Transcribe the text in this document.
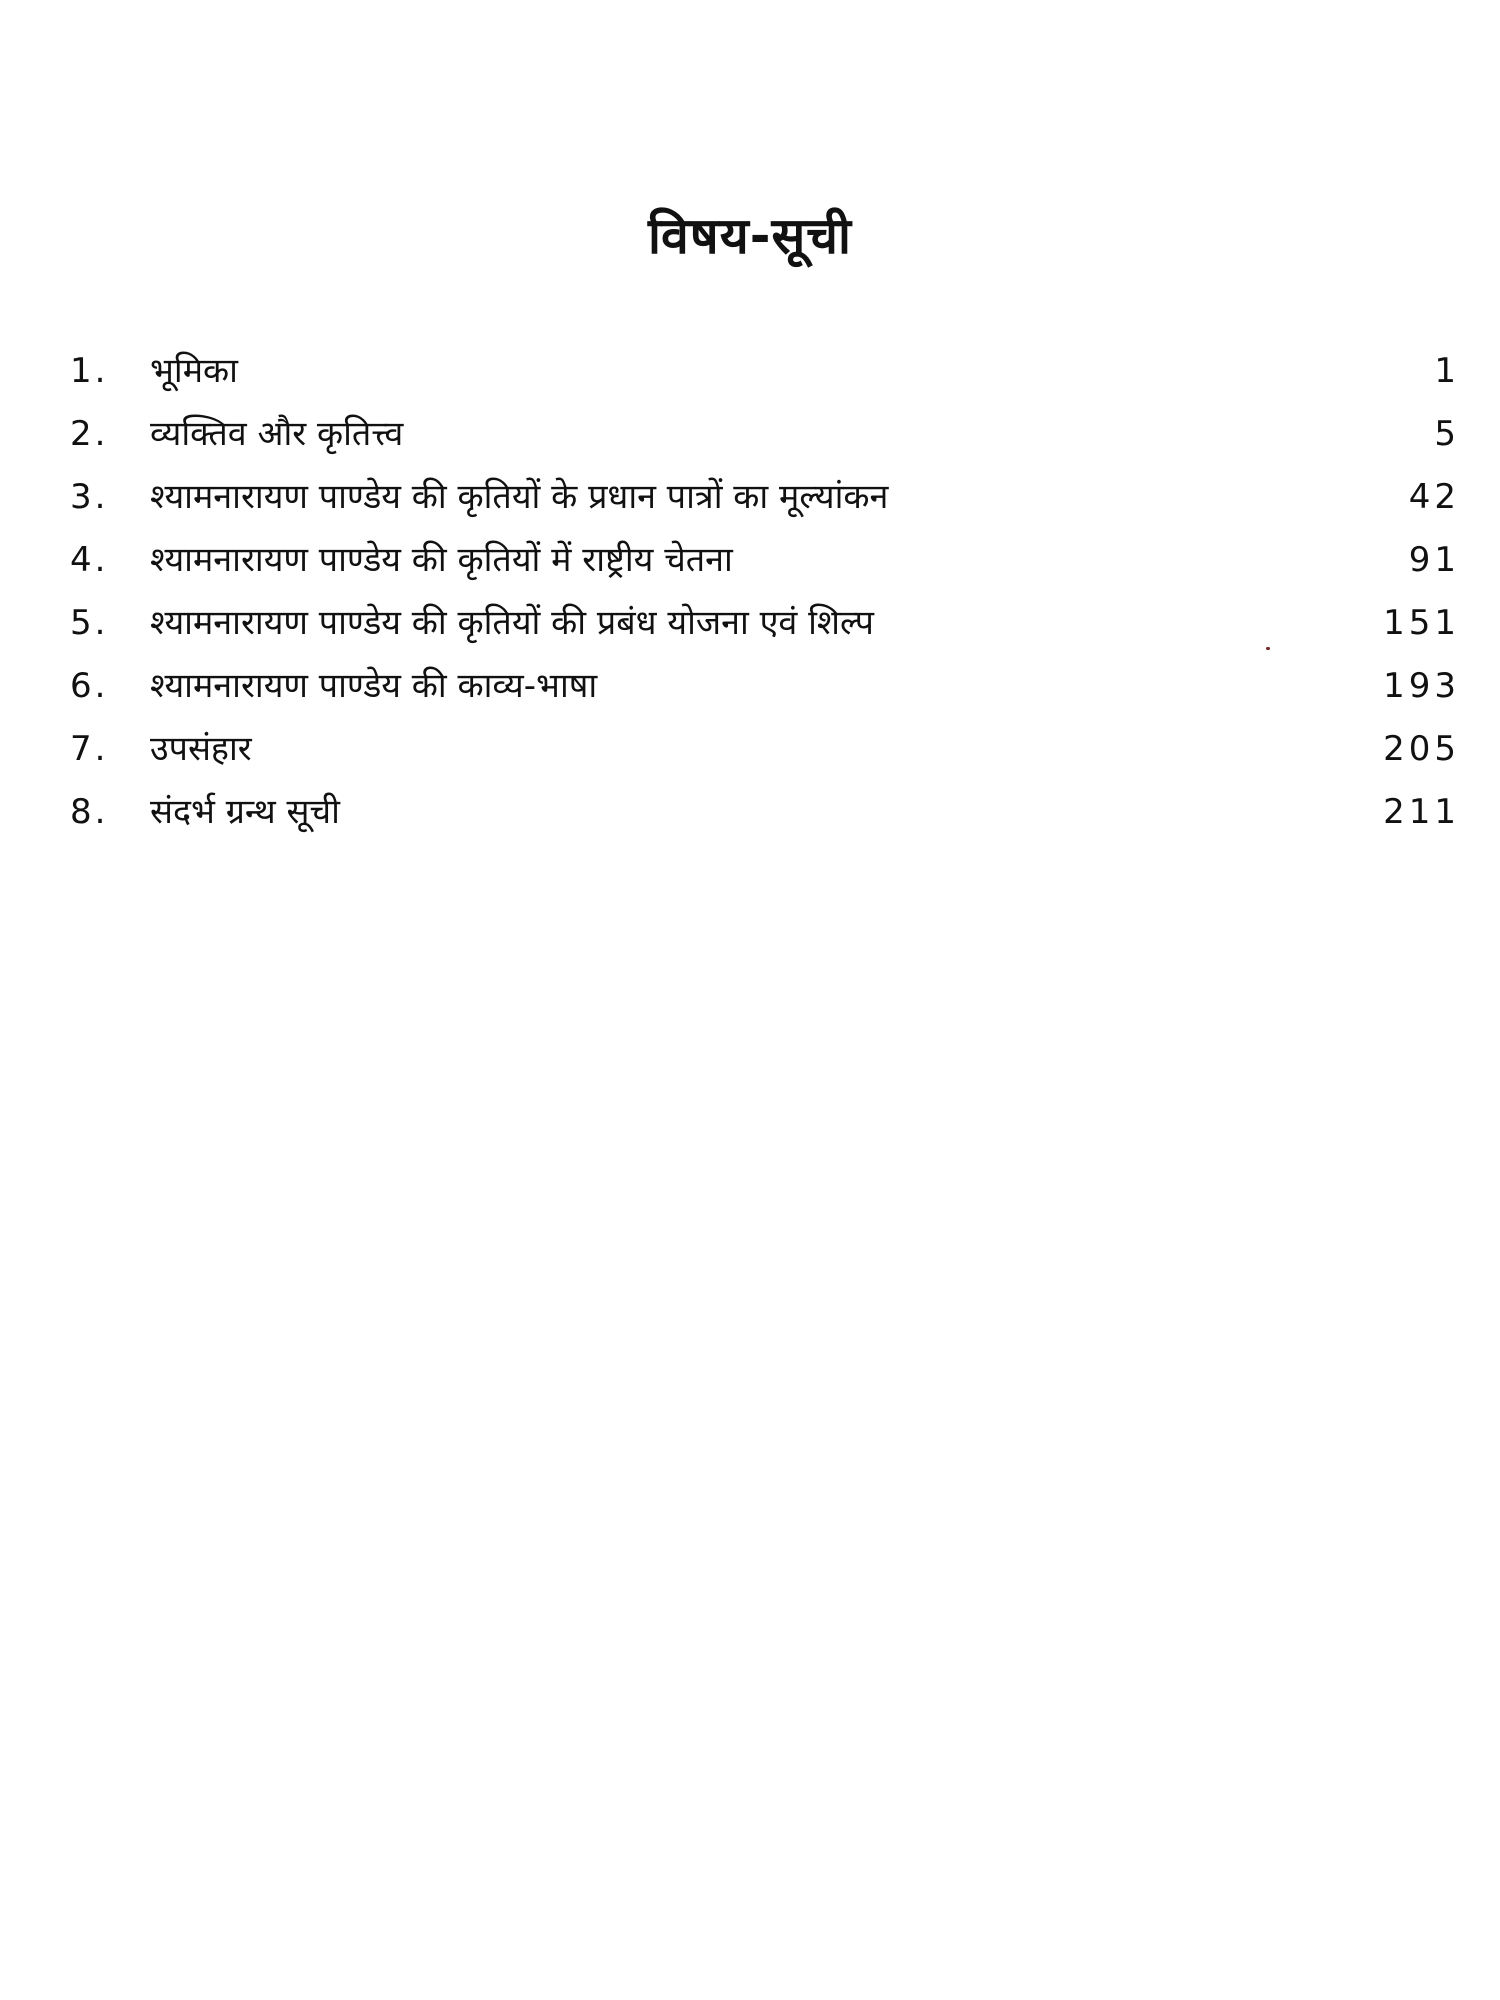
विषय-सूची
1.	भूमिका	1
2.	व्यक्तिव और कृतित्त्व	5
3.	श्यामनारायण पाण्डेय की कृतियों के प्रधान पात्रों का मूल्यांकन	42
4.	श्यामनारायण पाण्डेय की कृतियों में राष्ट्रीय चेतना	91
5.	श्यामनारायण पाण्डेय की कृतियों की प्रबंध योजना एवं शिल्प	151
6.	श्यामनारायण पाण्डेय की काव्य-भाषा	193
7.	उपसंहार	205
8.	संदर्भ ग्रन्थ सूची	211
